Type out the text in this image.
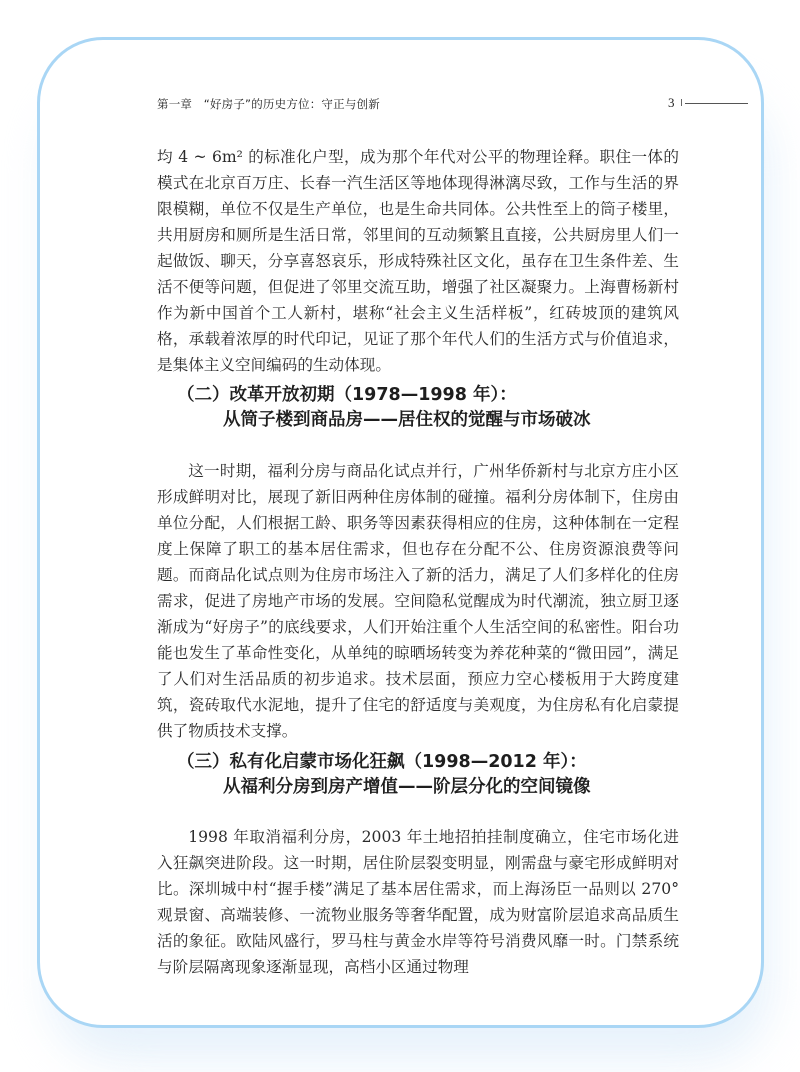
第一章　“好房子”的历史方位：守正与创新	3

均 4 ~ 6m² 的标准化户型，成为那个年代对公平的物理诠释。职住一体的模式在北京百万庄、长春一汽生活区等地体现得淋漓尽致，工作与生活的界限模糊，单位不仅是生产单位，也是生命共同体。公共性至上的筒子楼里，共用厨房和厕所是生活日常，邻里间的互动频繁且直接，公共厨房里人们一起做饭、聊天，分享喜怒哀乐，形成特殊社区文化，虽存在卫生条件差、生活不便等问题，但促进了邻里交流互助，增强了社区凝聚力。上海曹杨新村作为新中国首个工人新村，堪称“社会主义生活样板”，红砖坡顶的建筑风格，承载着浓厚的时代印记，见证了那个年代人们的生活方式与价值追求，是集体主义空间编码的生动体现。

（二）改革开放初期（1978—1998 年）：
从筒子楼到商品房——居住权的觉醒与市场破冰

这一时期，福利分房与商品化试点并行，广州华侨新村与北京方庄小区形成鲜明对比，展现了新旧两种住房体制的碰撞。福利分房体制下，住房由单位分配，人们根据工龄、职务等因素获得相应的住房，这种体制在一定程度上保障了职工的基本居住需求，但也存在分配不公、住房资源浪费等问题。而商品化试点则为住房市场注入了新的活力，满足了人们多样化的住房需求，促进了房地产市场的发展。空间隐私觉醒成为时代潮流，独立厨卫逐渐成为“好房子”的底线要求，人们开始注重个人生活空间的私密性。阳台功能也发生了革命性变化，从单纯的晾晒场转变为养花种菜的“微田园”，满足了人们对生活品质的初步追求。技术层面，预应力空心楼板用于大跨度建筑，瓷砖取代水泥地，提升了住宅的舒适度与美观度，为住房私有化启蒙提供了物质技术支撑。

（三）私有化启蒙市场化狂飙（1998—2012 年）：
从福利分房到房产增值——阶层分化的空间镜像

1998 年取消福利分房，2003 年土地招拍挂制度确立，住宅市场化进入狂飙突进阶段。这一时期，居住阶层裂变明显，刚需盘与豪宅形成鲜明对比。深圳城中村“握手楼”满足了基本居住需求，而上海汤臣一品则以 270° 观景窗、高端装修、一流物业服务等奢华配置，成为财富阶层追求高品质生活的象征。欧陆风盛行，罗马柱与黄金水岸等符号消费风靡一时。门禁系统与阶层隔离现象逐渐显现，高档小区通过物理
